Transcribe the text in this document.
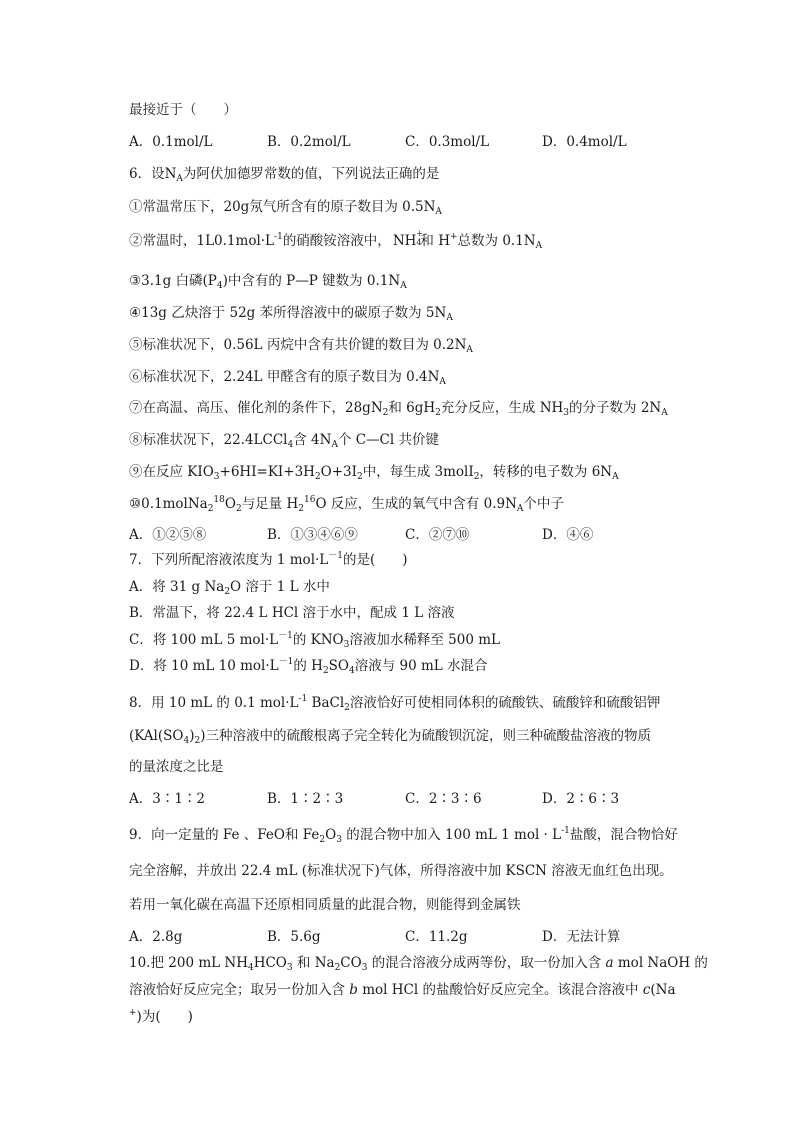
最接近于（　　）
A．0.1mol/L	B．0.2mol/L	C．0.3mol/L	D．0.4mol/L
6．设$N_A$为阿伏加德罗常数的值，下列说法正确的是
①常温常压下，20g氖气所含有的原子数目为 $0.5N_A$
②常温时，$1L0.1mol\cdot L^{-1}$的硝酸铵溶液中， NH +
4
和 H+总数为 $0.1N_A$
③3.1g 白磷$(P_4)$中含有的 P—P 键数为 $0.1N_A$
④13g 乙炔溶于 52g 苯所得溶液中的碳原子数为 $5N_A$
⑤标准状况下，0.56L 丙烷中含有共价键的数目为 $0.2N_A$
⑥标准状况下，2.24L 甲醛含有的原子数目为 $0.4N_A$
⑦在高温、高压、催化剂的条件下，$28gN_2$和 $6gH_2$充分反应，生成 $NH_3$的分子数为 $2N_A$
⑧标准状况下，22.4LCCl$_4$含 $4N_A$个 C—Cl 共价键
⑨在反应 $KIO_3+6HI=KI+3H_2O+3I_2$中，每生成 3molI$_2$，转移的电子数为 $6N_A$
$⑩0.1molNa_2^{18}O_2$与足量 $H_2^{16}O$ 反应，生成的氧气中含有 $0.9N_A$个中子
A．①②⑤⑧	B．①③④⑥⑨	C．②⑦⑩	D．④⑥
7．下列所配溶液浓度为 1 $mol\cdot L^{-1}$的是(　　)
A．将 31 g $Na_2O$ 溶于 1 L 水中
B．常温下，将 22.4 L HCl 溶于水中，配成 1 L 溶液
C．将 100 mL 5 $mol\cdot L^{-1}$的 $KNO_3$溶液加水稀释至 500 mL
D．将 10 mL 10 $mol\cdot L^{-1}$的 $H_2SO_4$溶液与 90 mL 水混合
8．用 10 mL 的 0.1 $mol\cdot L^{-1}$ BaCl$_2$溶液恰好可使相同体积的硫酸铁、硫酸锌和硫酸铝钾
$(KAl(SO_4)_2)$三种溶液中的硫酸根离子完全转化为硫酸钡沉淀，则三种硫酸盐溶液的物质
的量浓度之比是
A．3∶1∶2	B．1∶2∶3	C．2∶3∶6	D．2∶6∶3
9．向一定量的 Fe 、FeO和 $Fe_2O_3$ 的混合物中加入 100 mL 1 mol · $L^{-1}$盐酸，混合物恰好
完全溶解，并放出 22.4 mL (标准状况下)气体，所得溶液中加 KSCN 溶液无血红色出现。
若用一氧化碳在高温下还原相同质量的此混合物，则能得到金属铁
A．2.8g	B．5.6g	C．11.2g	D．无法计算
10.把 200 mL $NH_4HCO_3$ 和 $Na_2CO_3$ 的混合溶液分成两等份，取一份加入含 a mol NaOH 的
溶液恰好反应完全；取另一份加入含 b mol HCl 的盐酸恰好反应完全。该混合溶液中 c(Na
+)为(　　)
